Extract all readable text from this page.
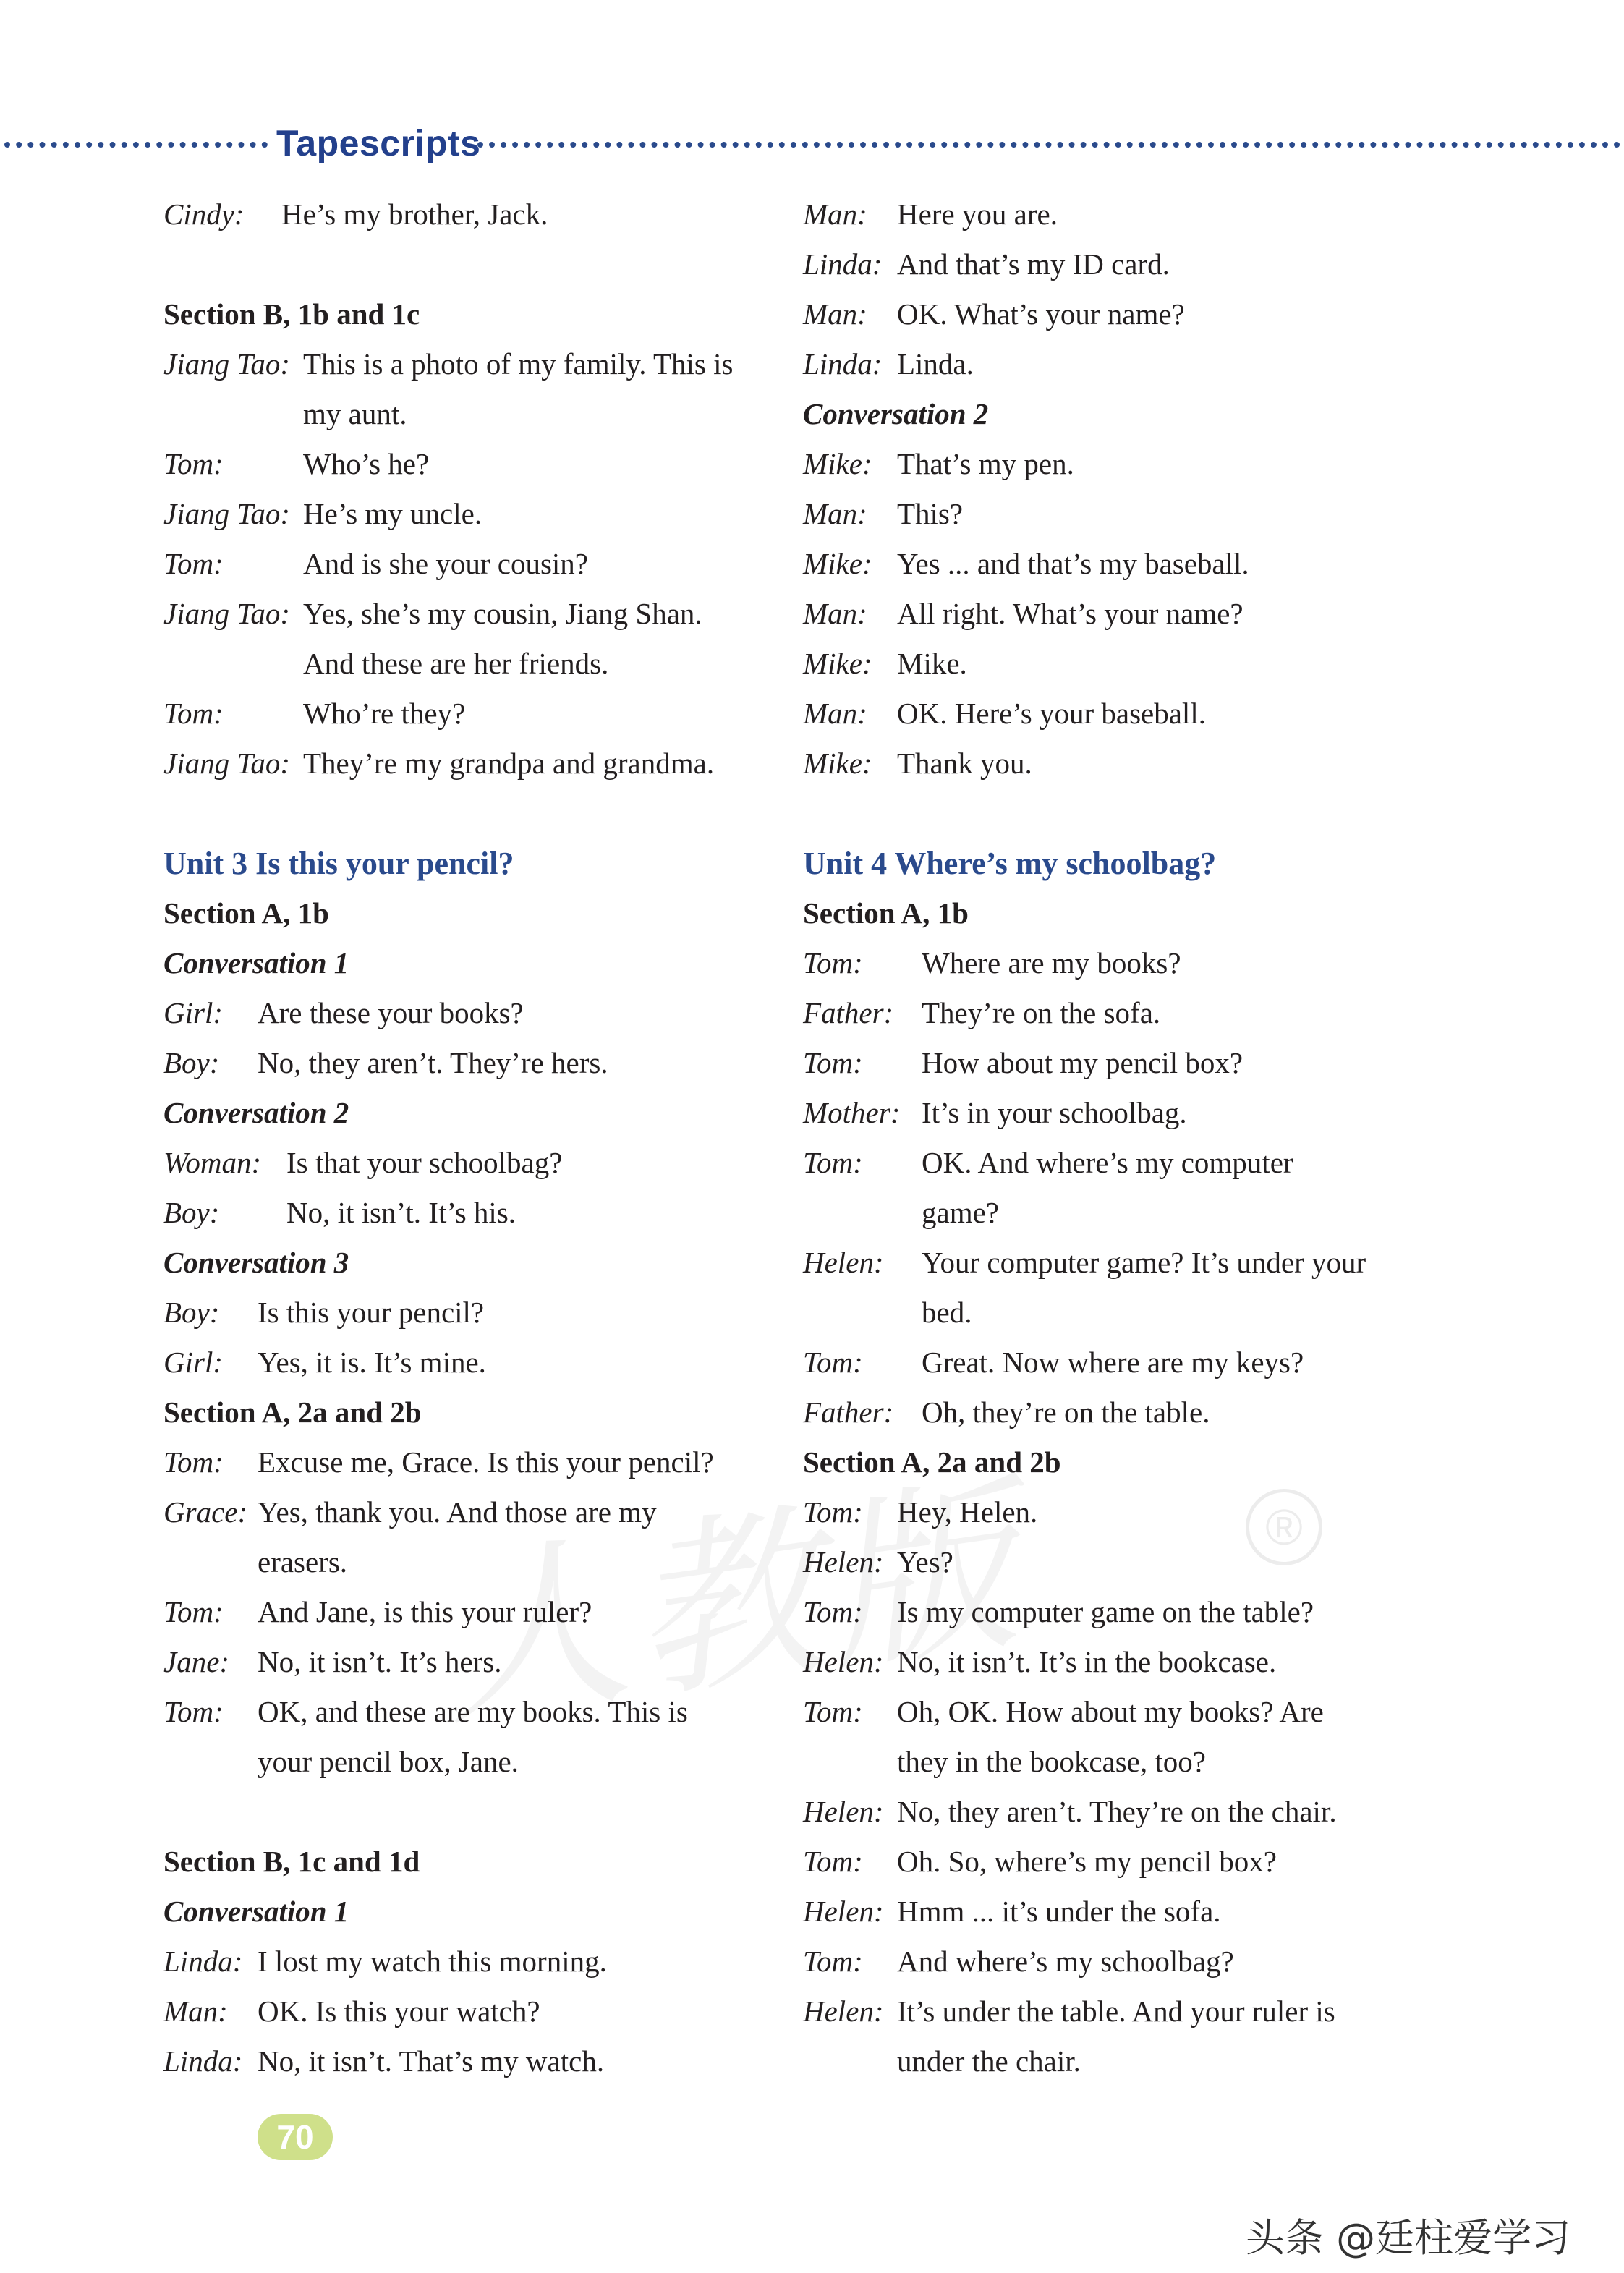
Tapescripts
®
Cindy: He’s my brother, Jack.
Section B, 1b and 1c
Jiang Tao: This is a photo of my family. This is
my aunt.
Tom:	Who’s he?
Jiang Tao: He’s my uncle.
Tom:	And is she your cousin?
Jiang Tao: Yes, she’s my cousin, Jiang Shan.
And these are her friends.
Tom:	Who’re they?
Jiang Tao: They’re my grandpa and grandma.
Unit 3 Is this your pencil?
Section A, 1b
Conversation 1
Girl: Are these your books?
Boy: No, they aren’t. They’re hers.
Conversation 2
Woman: Is that your schoolbag?
Boy: No, it isn’t. It’s his.
Conversation 3
Boy: Is this your pencil?
Girl: Yes, it is. It’s mine.
Section A, 2a and 2b
Tom: Excuse me, Grace. Is this your pencil?
Grace: Yes, thank you. And those are my
erasers.
Tom: And Jane, is this your ruler?
Jane: No, it isn’t. It’s hers.
Tom: OK, and these are my books. This is
your pencil box, Jane.
Section B, 1c and 1d
Conversation 1
Linda: I lost my watch this morning.
Man: OK. Is this your watch?
Linda: No, it isn’t. That’s my watch.
Man: Here you are.
Linda: And that’s my ID card.
Man: OK. What’s your name?
Linda: Linda.
Conversation 2
Mike: That’s my pen.
Man: This?
Mike: Yes ... and that’s my baseball.
Man: All right. What’s your name?
Mike: Mike.
Man: OK. Here’s your baseball.
Mike: Thank you.
Unit 4 Where’s my schoolbag?
Section A, 1b
Tom: Where are my books?
Father: They’re on the sofa.
Tom: How about my pencil box?
Mother: It’s in your schoolbag.
Tom: OK. And where’s my computer
game?
Helen: Your computer game? It’s under your
bed.
Tom: Great. Now where are my keys?
Father: Oh, they’re on the table.
Section A, 2a and 2b
Tom: Hey, Helen.
Helen: Yes?
Tom: Is my computer game on the table?
Helen: No, it isn’t. It’s in the bookcase.
Tom: Oh, OK. How about my books? Are
they in the bookcase, too?
Helen: No, they aren’t. They’re on the chair.
Tom: Oh. So, where’s my pencil box?
Helen: Hmm ... it’s under the sofa.
Tom: And where’s my schoolbag?
Helen: It’s under the table. And your ruler is
under the chair.
70
头条 @廷柱爱学习
